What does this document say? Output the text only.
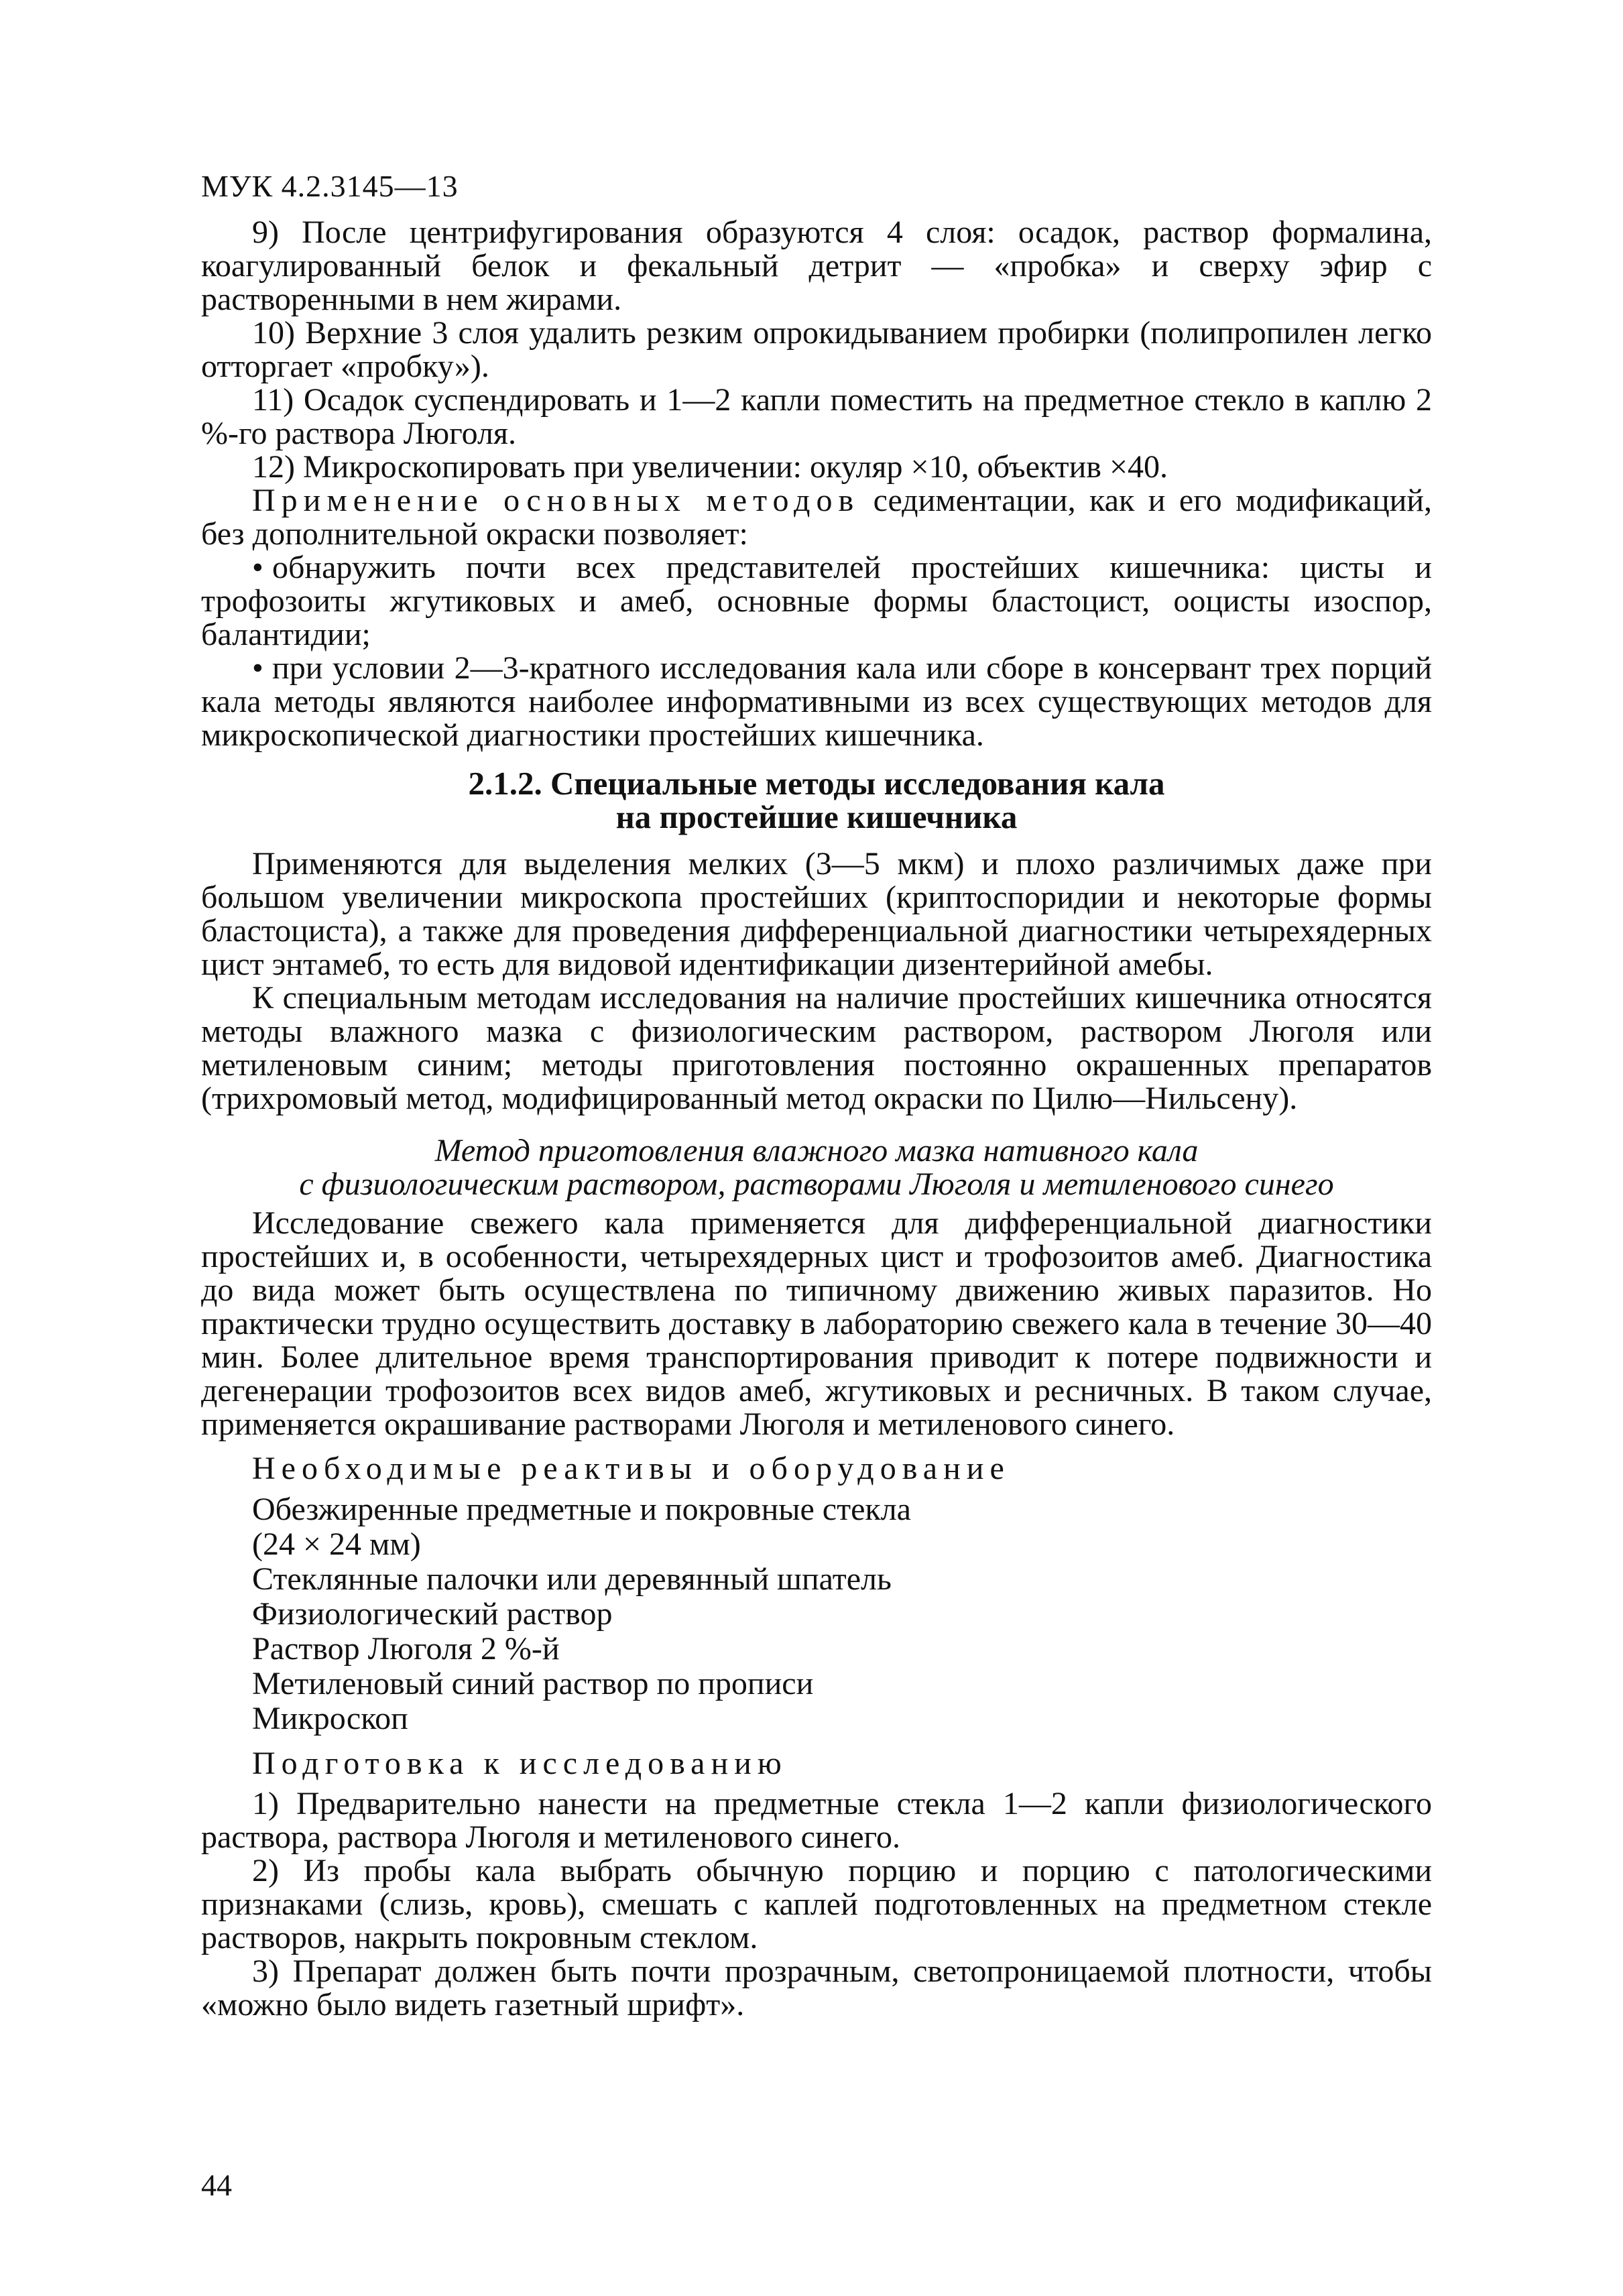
МУК 4.2.3145—13

9) После центрифугирования образуются 4 слоя: осадок, раствор формалина, коагулированный белок и фекальный детрит — «пробка» и сверху эфир с растворенными в нем жирами.

10) Верхние 3 слоя удалить резким опрокидыванием пробирки (полипропилен легко отторгает «пробку»).

11) Осадок суспендировать и 1—2 капли поместить на предметное стекло в каплю 2 %-го раствора Люголя.

12) Микроскопировать при увеличении: окуляр ×10, объектив ×40.

Применение основных методов седиментации, как и его модификаций, без дополнительной окраски позволяет:

• обнаружить почти всех представителей простейших кишечника: цисты и трофозоиты жгутиковых и амеб, основные формы бластоцист, ооцисты изоспор, балантидии;

• при условии 2—3-кратного исследования кала или сборе в консервант трех порций кала методы являются наиболее информативными из всех существующих методов для микроскопической диагностики простейших кишечника.

2.1.2. Специальные методы исследования кала
на простейшие кишечника

Применяются для выделения мелких (3—5 мкм) и плохо различимых даже при большом увеличении микроскопа простейших (криптоспоридии и некоторые формы бластоциста), а также для проведения дифференциальной диагностики четырехядерных цист энтамеб, то есть для видовой идентификации дизентерийной амебы.

К специальным методам исследования на наличие простейших кишечника относятся методы влажного мазка с физиологическим раствором, раствором Люголя или метиленовым синим; методы приготовления постоянно окрашенных препаратов (трихромовый метод, модифицированный метод окраски по Цилю—Нильсену).

Метод приготовления влажного мазка нативного кала
с физиологическим раствором, растворами Люголя и метиленового синего

Исследование свежего кала применяется для дифференциальной диагностики простейших и, в особенности, четырехядерных цист и трофозоитов амеб. Диагностика до вида может быть осуществлена по типичному движению живых паразитов. Но практически трудно осуществить доставку в лабораторию свежего кала в течение 30—40 мин. Более длительное время транспортирования приводит к потере подвижности и дегенерации трофозоитов всех видов амеб, жгутиковых и ресничных. В таком случае, применяется окрашивание растворами Люголя и метиленового синего.

Необходимые реактивы и оборудование
Обезжиренные предметные и покровные стекла
(24 × 24 мм)
Стеклянные палочки или деревянный шпатель
Физиологический раствор
Раствор Люголя 2 %-й
Метиленовый синий раствор по прописи
Микроскоп
Подготовка к исследованию

1) Предварительно нанести на предметные стекла 1—2 капли физиологического раствора, раствора Люголя и метиленового синего.

2) Из пробы кала выбрать обычную порцию и порцию с патологическими признаками (слизь, кровь), смешать с каплей подготовленных на предметном стекле растворов, накрыть покровным стеклом.

3) Препарат должен быть почти прозрачным, светопроницаемой плотности, чтобы «можно было видеть газетный шрифт».

44
